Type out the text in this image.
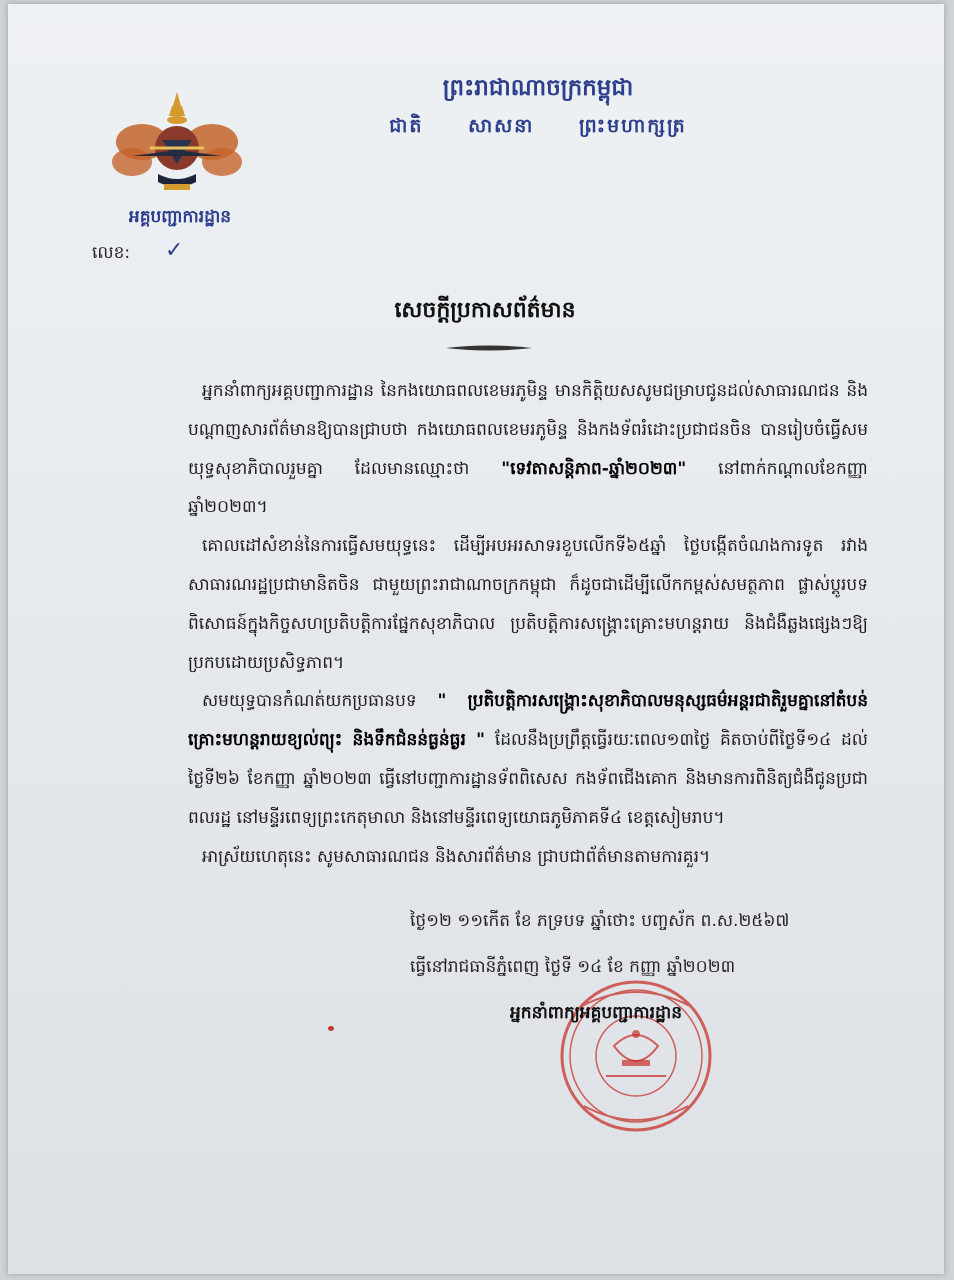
ព្រះរាជាណាចក្រកម្ពុជា
ជាតិ សាសនា ព្រះមហាក្សត្រ
អគ្គបញ្ជាការដ្ឋាន
លេខ: ✓
សេចក្តីប្រកាសព័ត៌មាន

អ្នកនាំពាក្យអគ្គបញ្ជាការដ្ឋាន នៃកងយោធពលខេមរភូមិន្ទ មានកិត្តិយសសូមជម្រាបជូនដល់សាធារណជន និងបណ្តាញសារព័ត៌មានឱ្យបានជ្រាបថា កងយោធពលខេមរភូមិន្ទ និងកងទ័ពរំដោះប្រជាជនចិន បានរៀបចំធ្វើសមយុទ្ធសុខាភិបាលរួមគ្នា ដែលមានឈ្មោះថា "ទេវតាសន្តិភាព-ឆ្នាំ២០២៣" នៅពាក់កណ្តាលខែកញ្ញា ឆ្នាំ២០២៣។

គោលដៅសំខាន់នៃការធ្វើសមយុទ្ធនេះ ដើម្បីអបអរសាទរខួបលើកទី៦៥ឆ្នាំ ថ្ងៃបង្កើតចំណងការទូត រវាងសាធារណរដ្ឋប្រជាមានិតចិន ជាមួយព្រះរាជាណាចក្រកម្ពុជា ក៏ដូចជាដើម្បីលើកកម្ពស់សមត្ថភាព ផ្លាស់ប្តូរបទពិសោធន៍ក្នុងកិច្ចសហប្រតិបត្តិការផ្នែកសុខាភិបាល ប្រតិបត្តិការសង្គ្រោះគ្រោះមហន្តរាយ និងជំងឺឆ្លងផ្សេងៗឱ្យប្រកបដោយប្រសិទ្ធភាព។

សមយុទ្ធបានកំណត់យកប្រធានបទ " ប្រតិបត្តិការសង្គ្រោះសុខាភិបាលមនុស្សធម៌អន្តរជាតិរួមគ្នានៅតំបន់គ្រោះមហន្តរាយខ្យល់ព្យុះ និងទឹកជំនន់ធ្ងន់ធ្ងរ " ដែលនឹងប្រព្រឹត្តធ្វើរយៈពេល១៣ថ្ងៃ គិតចាប់ពីថ្ងៃទី១៤ ដល់ថ្ងៃទី២៦ ខែកញ្ញា ឆ្នាំ២០២៣ ធ្វើនៅបញ្ជាការដ្ឋានទ័ពពិសេស កងទ័ពជើងគោក និងមានការពិនិត្យជំងឺជូនប្រជាពលរដ្ឋ នៅមន្ទីរពេទ្យព្រះកេតុមាលា និងនៅមន្ទីរពេទ្យយោធភូមិភាគទី៤ ខេត្តសៀមរាប។

អាស្រ័យហេតុនេះ សូមសាធារណជន និងសារព័ត៌មាន ជ្រាបជាព័ត៌មានតាមការគួរ។

ថ្ងៃ១២ ១១កើត ខែ ភទ្របទ ឆ្នាំថោះ បញ្ចស័ក ព.ស.២៥៦៧
ធ្វើនៅរាជធានីភ្នំពេញ ថ្ងៃទី ១៤ ខែ កញ្ញា ឆ្នាំ២០២៣
អ្នកនាំពាក្យអគ្គបញ្ជាការដ្ឋាន
